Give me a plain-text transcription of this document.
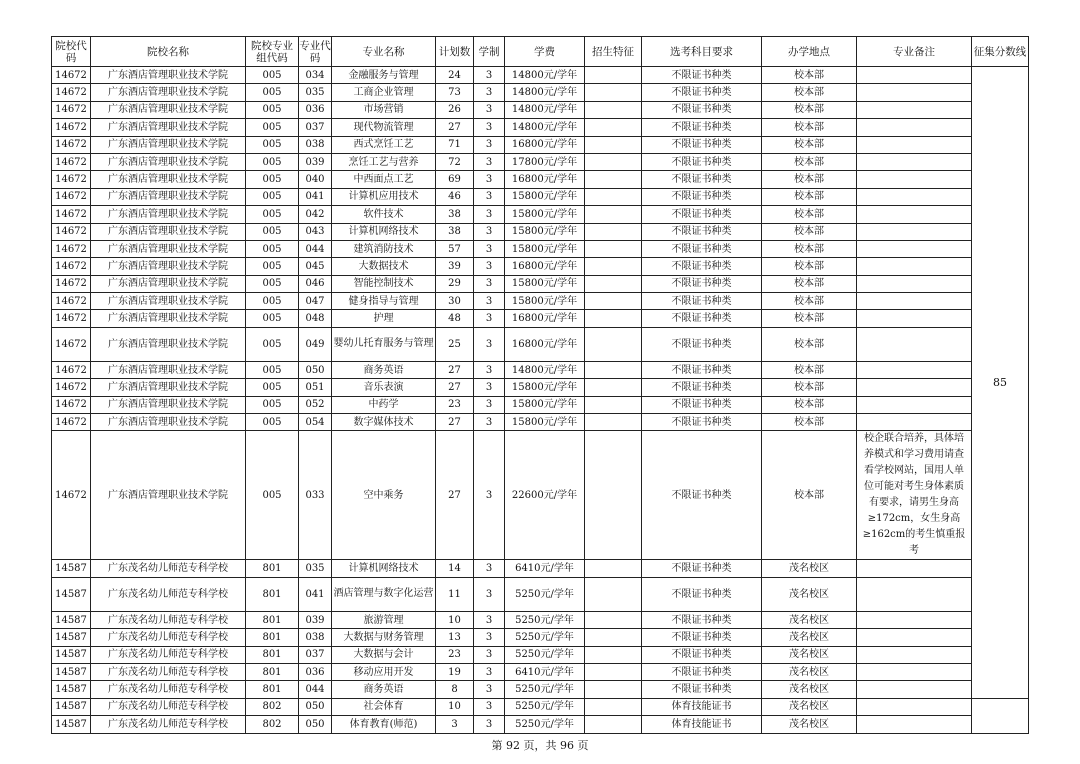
院校代码	院校名称	院校专业组代码	专业代码	专业名称	计划数	学制	学费	招生特征	选考科目要求	办学地点	专业备注	征集分数线
14672	广东酒店管理职业技术学院	005	034	金融服务与管理	24	3	14800元/学年		不限证书种类	校本部		85
14672	广东酒店管理职业技术学院	005	035	工商企业管理	73	3	14800元/学年		不限证书种类	校本部		
14672	广东酒店管理职业技术学院	005	036	市场营销	26	3	14800元/学年		不限证书种类	校本部		
14672	广东酒店管理职业技术学院	005	037	现代物流管理	27	3	14800元/学年		不限证书种类	校本部		
14672	广东酒店管理职业技术学院	005	038	西式烹饪工艺	71	3	16800元/学年		不限证书种类	校本部		
14672	广东酒店管理职业技术学院	005	039	烹饪工艺与营养	72	3	17800元/学年		不限证书种类	校本部		
14672	广东酒店管理职业技术学院	005	040	中西面点工艺	69	3	16800元/学年		不限证书种类	校本部		
14672	广东酒店管理职业技术学院	005	041	计算机应用技术	46	3	15800元/学年		不限证书种类	校本部		
14672	广东酒店管理职业技术学院	005	042	软件技术	38	3	15800元/学年		不限证书种类	校本部		
14672	广东酒店管理职业技术学院	005	043	计算机网络技术	38	3	15800元/学年		不限证书种类	校本部		
14672	广东酒店管理职业技术学院	005	044	建筑消防技术	57	3	15800元/学年		不限证书种类	校本部		
14672	广东酒店管理职业技术学院	005	045	大数据技术	39	3	16800元/学年		不限证书种类	校本部		
14672	广东酒店管理职业技术学院	005	046	智能控制技术	29	3	15800元/学年		不限证书种类	校本部		
14672	广东酒店管理职业技术学院	005	047	健身指导与管理	30	3	15800元/学年		不限证书种类	校本部		
14672	广东酒店管理职业技术学院	005	048	护理	48	3	16800元/学年		不限证书种类	校本部		
14672	广东酒店管理职业技术学院	005	049	婴幼儿托育服务与管理	25	3	16800元/学年		不限证书种类	校本部		
14672	广东酒店管理职业技术学院	005	050	商务英语	27	3	14800元/学年		不限证书种类	校本部		
14672	广东酒店管理职业技术学院	005	051	音乐表演	27	3	15800元/学年		不限证书种类	校本部		
14672	广东酒店管理职业技术学院	005	052	中药学	23	3	15800元/学年		不限证书种类	校本部		
14672	广东酒店管理职业技术学院	005	054	数字媒体技术	27	3	15800元/学年		不限证书种类	校本部		
14672	广东酒店管理职业技术学院	005	033	空中乘务	27	3	22600元/学年		不限证书种类	校本部	校企联合培养，具体培养模式和学习费用请查看学校网站，国用人单位可能对考生身体素质有要求，请男生身高≥172cm，女生身高≥162cm的考生慎重报考	
14587	广东茂名幼儿师范专科学校	801	035	计算机网络技术	14	3	6410元/学年		不限证书种类	茂名校区		
14587	广东茂名幼儿师范专科学校	801	041	酒店管理与数字化运营	11	3	5250元/学年		不限证书种类	茂名校区		
14587	广东茂名幼儿师范专科学校	801	039	旅游管理	10	3	5250元/学年		不限证书种类	茂名校区		
14587	广东茂名幼儿师范专科学校	801	038	大数据与财务管理	13	3	5250元/学年		不限证书种类	茂名校区		
14587	广东茂名幼儿师范专科学校	801	037	大数据与会计	23	3	5250元/学年		不限证书种类	茂名校区		
14587	广东茂名幼儿师范专科学校	801	036	移动应用开发	19	3	6410元/学年		不限证书种类	茂名校区		
14587	广东茂名幼儿师范专科学校	801	044	商务英语	8	3	5250元/学年		不限证书种类	茂名校区		
14587	广东茂名幼儿师范专科学校	802	050	社会体育	10	3	5250元/学年		体育技能证书	茂名校区		
14587	广东茂名幼儿师范专科学校	802	050	体育教育(师范)	3	3	5250元/学年		体育技能证书	茂名校区		
第 92 页，共 96 页
